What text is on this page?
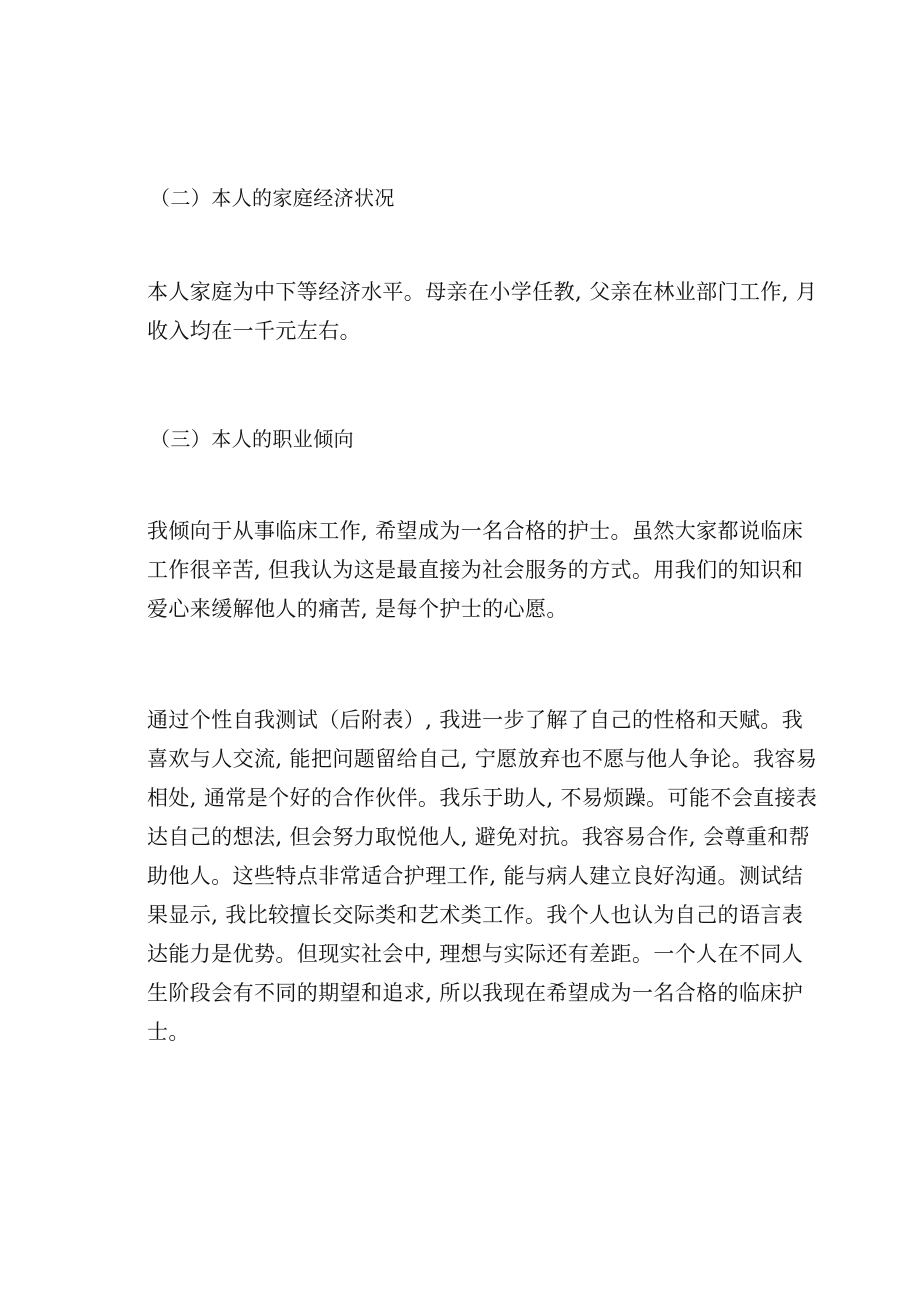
（二）本人的家庭经济状况
本人家庭为中下等经济水平。母亲在小学任教, 父亲在林业部门工作, 月收入均在一千元左右。
（三）本人的职业倾向
我倾向于从事临床工作, 希望成为一名合格的护士。虽然大家都说临床工作很辛苦, 但我认为这是最直接为社会服务的方式。用我们的知识和爱心来缓解他人的痛苦, 是每个护士的心愿。
通过个性自我测试（后附表）, 我进一步了解了自己的性格和天赋。我喜欢与人交流, 能把问题留给自己, 宁愿放弃也不愿与他人争论。我容易相处, 通常是个好的合作伙伴。我乐于助人, 不易烦躁。可能不会直接表达自己的想法, 但会努力取悦他人, 避免对抗。我容易合作, 会尊重和帮助他人。这些特点非常适合护理工作, 能与病人建立良好沟通。测试结果显示, 我比较擅长交际类和艺术类工作。我个人也认为自己的语言表达能力是优势。但现实社会中, 理想与实际还有差距。一个人在不同人生阶段会有不同的期望和追求, 所以我现在希望成为一名合格的临床护士。
